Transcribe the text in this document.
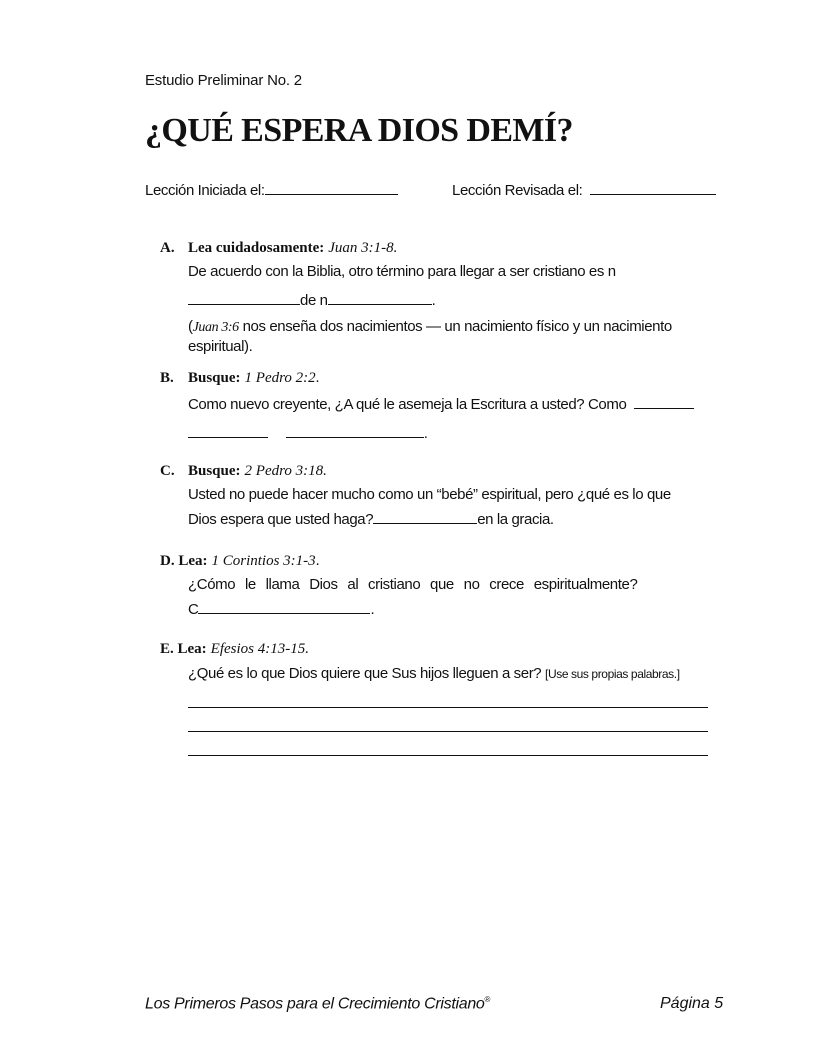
Estudio Preliminar No. 2
¿QUÉ ESPERA DIOS DEMÍ?
Lección Iniciada el:	Lección Revisada el:
A. Lea cuidadosamente: Juan 3:1-8.
De acuerdo con la Biblia, otro término para llegar a ser cristiano es n
de n	.
(Juan 3:6 nos enseña dos nacimientos — un nacimiento físico y un nacimiento espiritual).
B. Busque: 1 Pedro 2:2.
Como nuevo creyente, ¿A qué le asemeja la Escritura a usted? Como
.
C. Busque: 2 Pedro 3:18.
Usted no puede hacer mucho como un “bebé” espiritual, pero ¿qué es lo que
Dios espera que usted haga?	en la gracia.
D. Lea: 1 Corintios 3:1-3.
¿Cómo le llama Dios al cristiano que no crece espiritualmente?
C	.
E. Lea: Efesios 4:13-15.
¿Qué es lo que Dios quiere que Sus hijos lleguen a ser? [Use sus propias palabras.]
Los Primeros Pasos para el Crecimiento Cristiano®	Página 5
